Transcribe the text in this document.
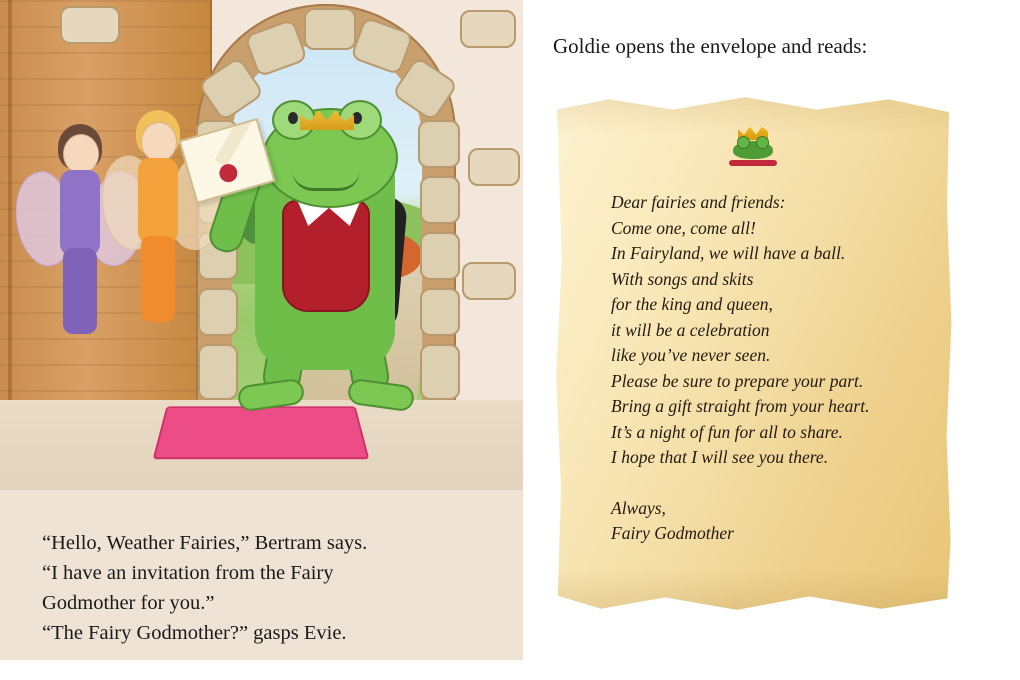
“Hello, Weather Fairies,” Bertram says.

“I have an invitation from the Fairy

Godmother for you.”

“The Fairy Godmother?” gasps Evie.

Goldie opens the envelope and reads:
Dear fairies and friends:
Come one, come all!
In Fairyland, we will have a ball.
With songs and skits
for the king and queen,
it will be a celebration
like you’ve never seen.
Please be sure to prepare your part.
Bring a gift straight from your heart.
It’s a night of fun for all to share.
I hope that I will see you there.
Always,
Fairy Godmother
